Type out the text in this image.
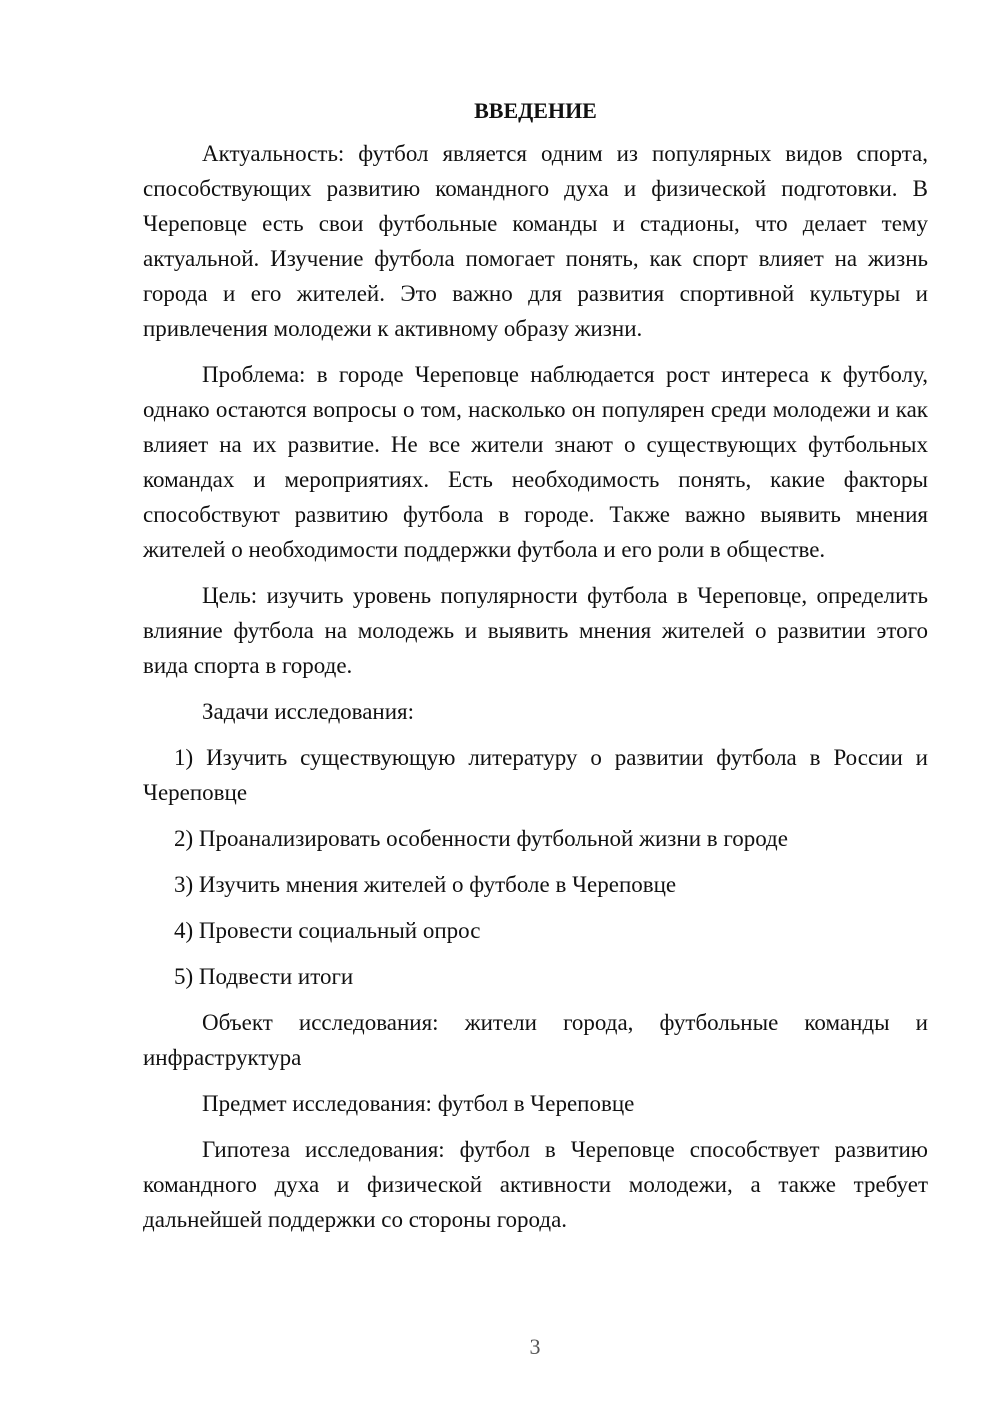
ВВЕДЕНИЕ

Актуальность: футбол является одним из популярных видов спорта, способствующих развитию командного духа и физической подготовки. В Череповце есть свои футбольные команды и стадионы, что делает тему актуальной. Изучение футбола помогает понять, как спорт влияет на жизнь города и его жителей. Это важно для развития спортивной культуры и привлечения молодежи к активному образу жизни.

Проблема: в городе Череповце наблюдается рост интереса к футболу, однако остаются вопросы о том, насколько он популярен среди молодежи и как влияет на их развитие. Не все жители знают о существующих футбольных командах и мероприятиях. Есть необходимость понять, какие факторы способствуют развитию футбола в городе. Также важно выявить мнения жителей о необходимости поддержки футбола и его роли в обществе.

Цель: изучить уровень популярности футбола в Череповце, определить влияние футбола на молодежь и выявить мнения жителей о развитии этого вида спорта в городе.

Задачи исследования:

1) Изучить существующую литературу о развитии футбола в России и Череповце

2) Проанализировать особенности футбольной жизни в городе

3) Изучить мнения жителей о футболе в Череповце

4) Провести социальный опрос

5) Подвести итоги

Объект исследования: жители города, футбольные команды и инфраструктура

Предмет исследования: футбол в Череповце

Гипотеза исследования: футбол в Череповце способствует развитию командного духа и физической активности молодежи, а также требует дальнейшей поддержки со стороны города.

3
